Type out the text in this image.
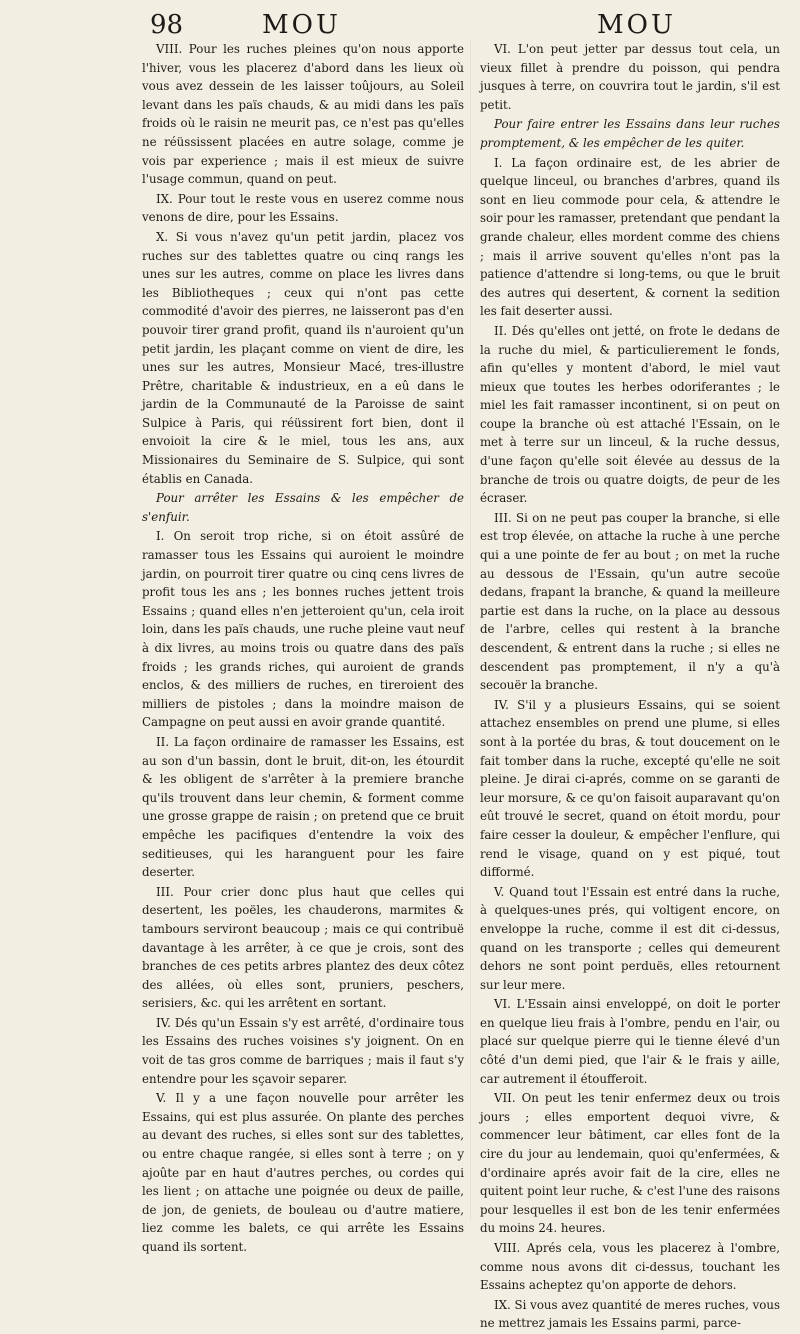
98	MOU	MOU

VIII. Pour les ruches pleines qu'on nous apporte l'hiver, vous les placerez d'abord dans les lieux où vous avez dessein de les laisser toûjours, au Soleil levant dans les païs chauds, & au midi dans les païs froids où le raisin ne meurit pas, ce n'est pas qu'elles ne réüssissent placées en autre solage, comme je vois par experience ; mais il est mieux de suivre l'usage commun, quand on peut.

IX. Pour tout le reste vous en userez comme nous venons de dire, pour les Essains.

X. Si vous n'avez qu'un petit jardin, placez vos ruches sur des tablettes quatre ou cinq rangs les unes sur les autres, comme on place les livres dans les Bibliotheques ; ceux qui n'ont pas cette commodité d'avoir des pierres, ne laisseront pas d'en pouvoir tirer grand profit, quand ils n'auroient qu'un petit jardin, les plaçant comme on vient de dire, les unes sur les autres, Monsieur Macé, tres-illustre Prêtre, charitable & industrieux, en a eû dans le jardin de la Communauté de la Paroisse de saint Sulpice à Paris, qui réüssirent fort bien, dont il envoioit la cire & le miel, tous les ans, aux Missionaires du Seminaire de S. Sulpice, qui sont établis en Canada.

Pour arrêter les Essains & les empêcher de s'enfuir.

I. On seroit trop riche, si on étoit assûré de ramasser tous les Essains qui auroient le moindre jardin, on pourroit tirer quatre ou cinq cens livres de profit tous les ans ; les bonnes ruches jettent trois Essains ; quand elles n'en jetteroient qu'un, cela iroit loin, dans les païs chauds, une ruche pleine vaut neuf à dix livres, au moins trois ou quatre dans des païs froids ; les grands riches, qui auroient de grands enclos, & des milliers de ruches, en tireroient des milliers de pistoles ; dans la moindre maison de Campagne on peut aussi en avoir grande quantité.

II. La façon ordinaire de ramasser les Essains, est au son d'un bassin, dont le bruit, dit-on, les étourdit & les obligent de s'arrêter à la premiere branche qu'ils trouvent dans leur chemin, & forment comme une grosse grappe de raisin ; on pretend que ce bruit empêche les pacifiques d'entendre la voix des seditieuses, qui les haranguent pour les faire deserter.

III. Pour crier donc plus haut que celles qui desertent, les poëles, les chauderons, marmites & tambours serviront beaucoup ; mais ce qui contribuë davantage à les arrêter, à ce que je crois, sont des branches de ces petits arbres plantez des deux côtez des allées, où elles sont, pruniers, peschers, serisiers, &c. qui les arrêtent en sortant.

IV. Dés qu'un Essain s'y est arrêté, d'ordinaire tous les Essains des ruches voisines s'y joignent. On en voit de tas gros comme de barriques ; mais il faut s'y entendre pour les sçavoir separer.

V. Il y a une façon nouvelle pour arrêter les Essains, qui est plus assurée. On plante des perches au devant des ruches, si elles sont sur des tablettes, ou entre chaque rangée, si elles sont à terre ; on y ajoûte par en haut d'autres perches, ou cordes qui les lient ; on attache une poignée ou deux de paille, de jon, de geniets, de bouleau ou d'autre matiere, liez comme les balets, ce qui arrête les Essains quand ils sortent.

VI. L'on peut jetter par dessus tout cela, un vieux fillet à prendre du poisson, qui pendra jusques à terre, on couvrira tout le jardin, s'il est petit.

Pour faire entrer les Essains dans leur ruches promptement, & les empêcher de les quiter.

I. La façon ordinaire est, de les abrier de quelque linceul, ou branches d'arbres, quand ils sont en lieu commode pour cela, & attendre le soir pour les ramasser, pretendant que pendant la grande chaleur, elles mordent comme des chiens ; mais il arrive souvent qu'elles n'ont pas la patience d'attendre si long-tems, ou que le bruit des autres qui desertent, & cornent la sedition les fait deserter aussi.

II. Dés qu'elles ont jetté, on frote le dedans de la ruche du miel, & particulierement le fonds, afin qu'elles y montent d'abord, le miel vaut mieux que toutes les herbes odoriferantes ; le miel les fait ramasser incontinent, si on peut on coupe la branche où est attaché l'Essain, on le met à terre sur un linceul, & la ruche dessus, d'une façon qu'elle soit élevée au dessus de la branche de trois ou quatre doigts, de peur de les écraser.

III. Si on ne peut pas couper la branche, si elle est trop élevée, on attache la ruche à une perche qui a une pointe de fer au bout ; on met la ruche au dessous de l'Essain, qu'un autre secoüe dedans, frapant la branche, & quand la meilleure partie est dans la ruche, on la place au dessous de l'arbre, celles qui restent à la branche descendent, & entrent dans la ruche ; si elles ne descendent pas promptement, il n'y a qu'à secouër la branche.

IV. S'il y a plusieurs Essains, qui se soient attachez ensembles on prend une plume, si elles sont à la portée du bras, & tout doucement on le fait tomber dans la ruche, excepté qu'elle ne soit pleine. Je dirai ci-aprés, comme on se garanti de leur morsure, & ce qu'on faisoit auparavant qu'on eût trouvé le secret, quand on étoit mordu, pour faire cesser la douleur, & empêcher l'enflure, qui rend le visage, quand on y est piqué, tout difformé.

V. Quand tout l'Essain est entré dans la ruche, à quelques-unes prés, qui voltigent encore, on enveloppe la ruche, comme il est dit ci-dessus, quand on les transporte ; celles qui demeurent dehors ne sont point perduës, elles retournent sur leur mere.

VI. L'Essain ainsi enveloppé, on doit le porter en quelque lieu frais à l'ombre, pendu en l'air, ou placé sur quelque pierre qui le tienne élevé d'un côté d'un demi pied, que l'air & le frais y aille, car autrement il étoufferoit.

VII. On peut les tenir enfermez deux ou trois jours ; elles emportent dequoi vivre, & commencer leur bâtiment, car elles font de la cire du jour au lendemain, quoi qu'enfermées, & d'ordinaire aprés avoir fait de la cire, elles ne quitent point leur ruche, & c'est l'une des raisons pour lesquelles il est bon de les tenir enfermées du moins 24. heures.

VIII. Aprés cela, vous les placerez à l'ombre, comme nous avons dit ci-dessus, touchant les Essains acheptez qu'on apporte de dehors.

IX. Si vous avez quantité de meres ruches, vous ne mettrez jamais les Essains parmi, parce-
